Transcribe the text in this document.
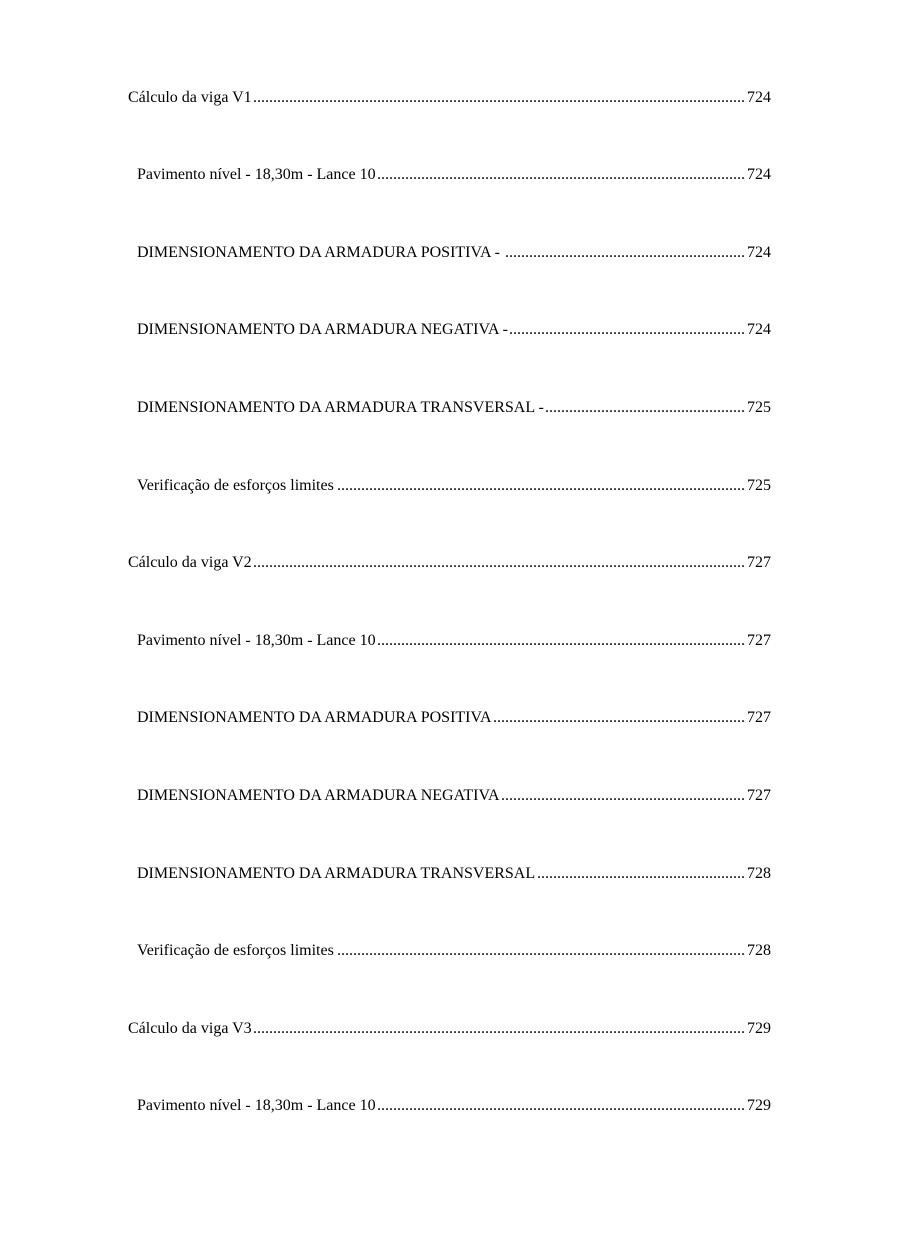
Cálculo da viga V1 .....	724
Pavimento nível - 18,30m - Lance 10 .....	724
DIMENSIONAMENTO DA ARMADURA POSITIVA - .....	724
DIMENSIONAMENTO DA ARMADURA NEGATIVA - .....	724
DIMENSIONAMENTO DA ARMADURA TRANSVERSAL - .....	725
Verificação de esforços limites .....	725
Cálculo da viga V2 .....	727
Pavimento nível - 18,30m - Lance 10 .....	727
DIMENSIONAMENTO DA ARMADURA POSITIVA .....	727
DIMENSIONAMENTO DA ARMADURA NEGATIVA .....	727
DIMENSIONAMENTO DA ARMADURA TRANSVERSAL .....	728
Verificação de esforços limites .....	728
Cálculo da viga V3 .....	729
Pavimento nível - 18,30m - Lance 10 .....	729
